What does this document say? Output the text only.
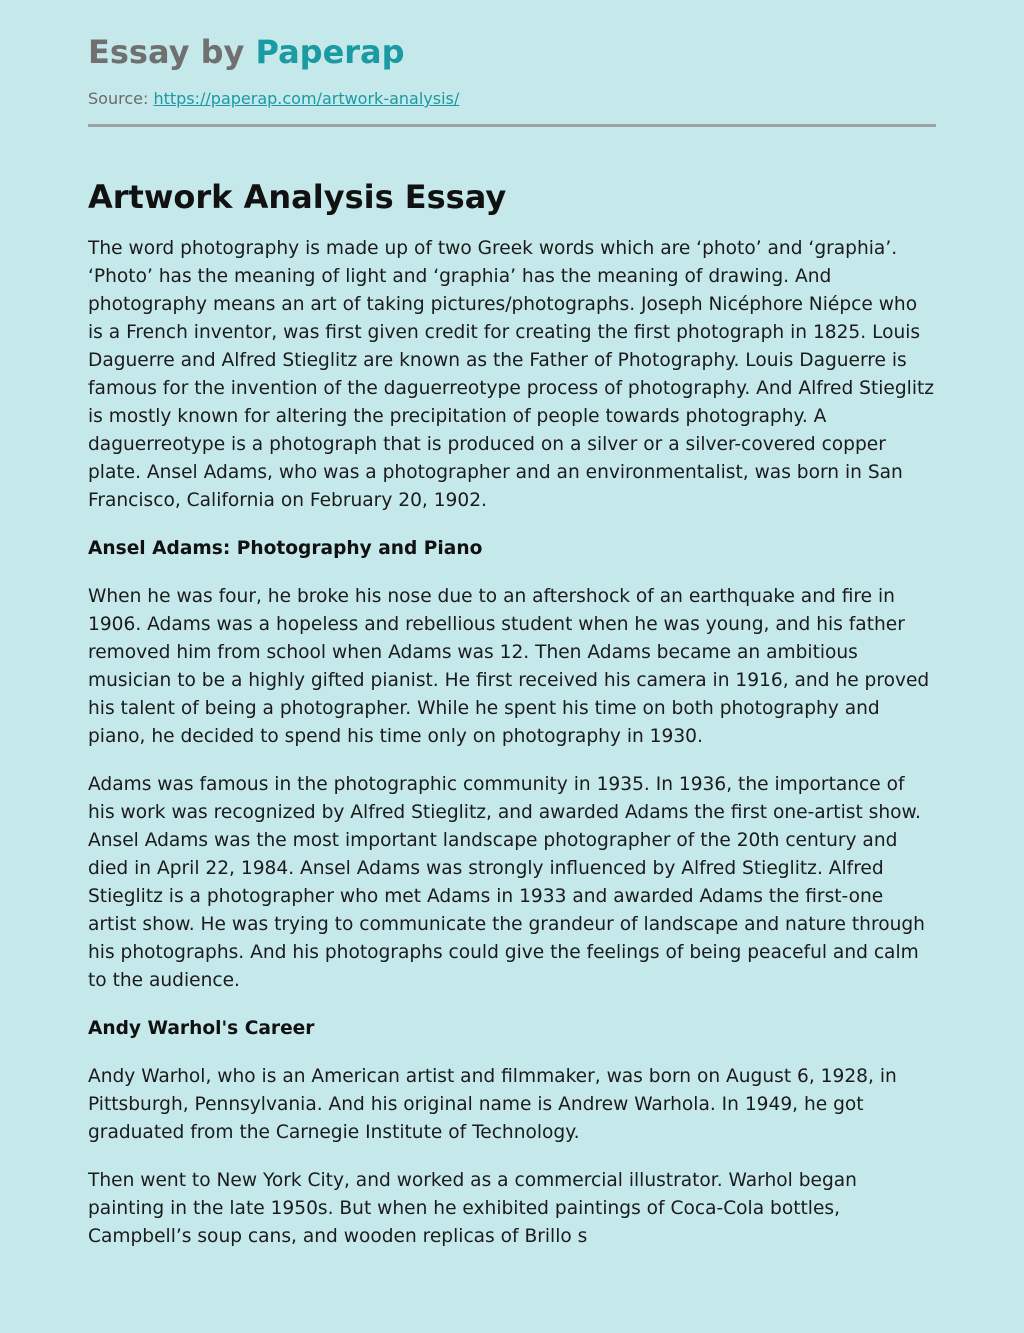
Essay by Paperap
Source: https://paperap.com/artwork-analysis/
Artwork Analysis Essay

The word photography is made up of two Greek words which are ‘photo’ and ‘graphia’. ‘Photo’ has the meaning of light and ‘graphia’ has the meaning of drawing. And photography means an art of taking pictures/photographs. Joseph Nicéphore Niépce who is a French inventor, was first given credit for creating the first photograph in 1825. Louis Daguerre and Alfred Stieglitz are known as the Father of Photography. Louis Daguerre is famous for the invention of the daguerreotype process of photography. And Alfred Stieglitz is mostly known for altering the precipitation of people towards photography. A daguerreotype is a photograph that is produced on a silver or a silver-covered copper plate. Ansel Adams, who was a photographer and an environmentalist, was born in San Francisco, California on February 20, 1902.

Ansel Adams: Photography and Piano

When he was four, he broke his nose due to an aftershock of an earthquake and fire in 1906. Adams was a hopeless and rebellious student when he was young, and his father removed him from school when Adams was 12. Then Adams became an ambitious musician to be a highly gifted pianist. He first received his camera in 1916, and he proved his talent of being a photographer. While he spent his time on both photography and piano, he decided to spend his time only on photography in 1930.

Adams was famous in the photographic community in 1935. In 1936, the importance of his work was recognized by Alfred Stieglitz, and awarded Adams the first one-artist show. Ansel Adams was the most important landscape photographer of the 20th century and died in April 22, 1984. Ansel Adams was strongly influenced by Alfred Stieglitz. Alfred Stieglitz is a photographer who met Adams in 1933 and awarded Adams the first-one artist show. He was trying to communicate the grandeur of landscape and nature through his photographs. And his photographs could give the feelings of being peaceful and calm to the audience.

Andy Warhol's Career

Andy Warhol, who is an American artist and filmmaker, was born on August 6, 1928, in Pittsburgh, Pennsylvania. And his original name is Andrew Warhola. In 1949, he got graduated from the Carnegie Institute of Technology.

Then went to New York City, and worked as a commercial illustrator. Warhol began painting in the late 1950s. But when he exhibited paintings of Coca-Cola bottles, Campbell’s soup cans, and wooden replicas of Brillo s
